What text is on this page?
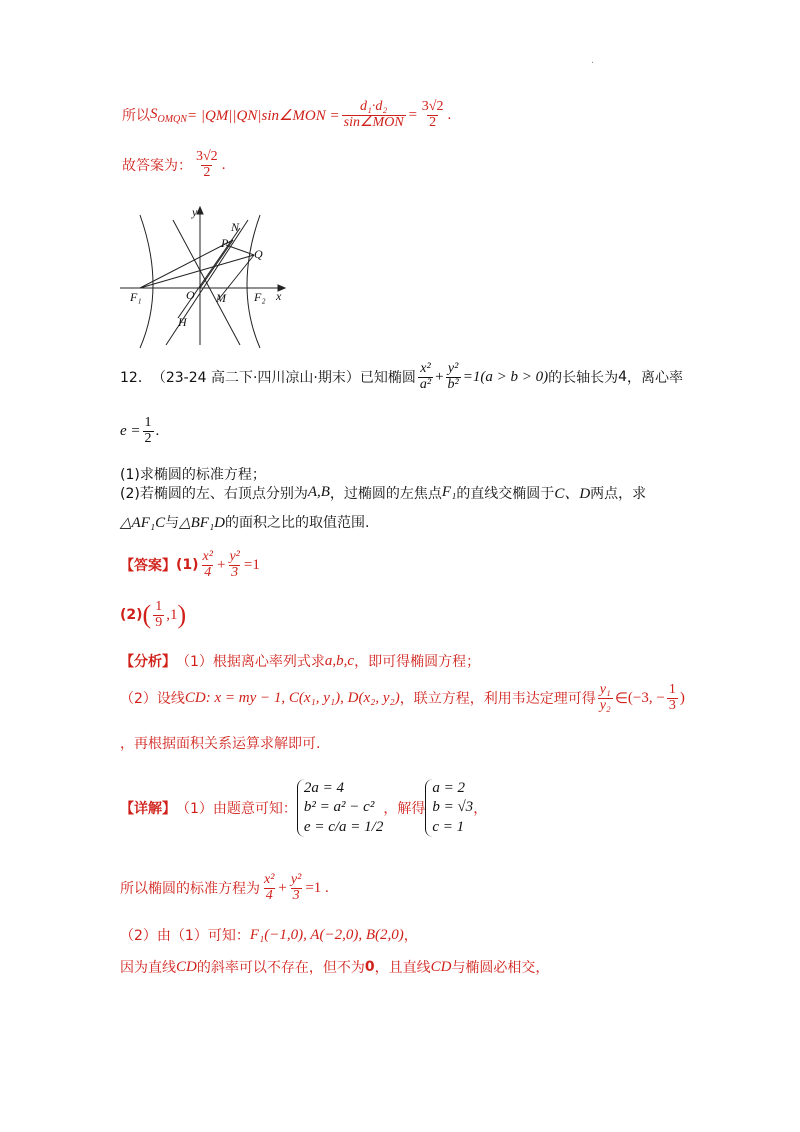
·
所以 $S_{OMQN}$ = |QM||QN|sin∠MON = $\frac{\text{d₁·d₂}}{\text{sin∠MON}} = \frac{3√2}{2}$ .
故答案为： $\frac{3√2}{2}$ .
y
x
N
P
Q
F₁	O M F₂
H
12． （23-24 高二下·四川凉山·期末）已知椭圆 $\frac{\text{x²}}{\text{a²}} + \frac{\text{y²}}{\text{b²}} =1(a > b > 0)$ 的长轴长为 4 ，离心率
$e = \frac{1}{2}$ .
(1)求椭圆的标准方程；
(2)若椭圆的左、右顶点分别为 A,B ，过椭圆的左焦点 F₁ 的直线交椭圆于 C、D 两点，求
△AF₁C 与 △BF₁D 的面积之比的取值范围.
【答案】 $(1) \frac{\text{x²}}{4} + \frac{\text{y²}}{3} =1$
(2) ( $\frac{1}{9} ,1$ )
【分析】 （1）根据离心率列式求 a,b,c ，即可得椭圆方程；
（2）设线 CD: x = my − 1, C(x₁, y₁), D(x₂, y₂) ，联立方程，利用韦达定理可得 $\frac{\text{y₁}}{\text{y₂}}$ ∈ (−3, − $\frac{1}{3}$ )
，再根据面积关系运算求解即可.
【详解】 （1）由题意可知：
2a = 4
b² = a² − c²
e = c/a = 1/2
，解得
a = 2
b = √3
c = 1
，
所以椭圆的标准方程为 $\frac{\text{x²}}{4} + \frac{\text{y²}}{3} =1$ .
（2）由（1）可知： F₁(−1,0), A(−2,0), B(2,0) ，
因为直线 CD 的斜率可以不存在，但不为 0 ，且直线 CD 与椭圆必相交，
